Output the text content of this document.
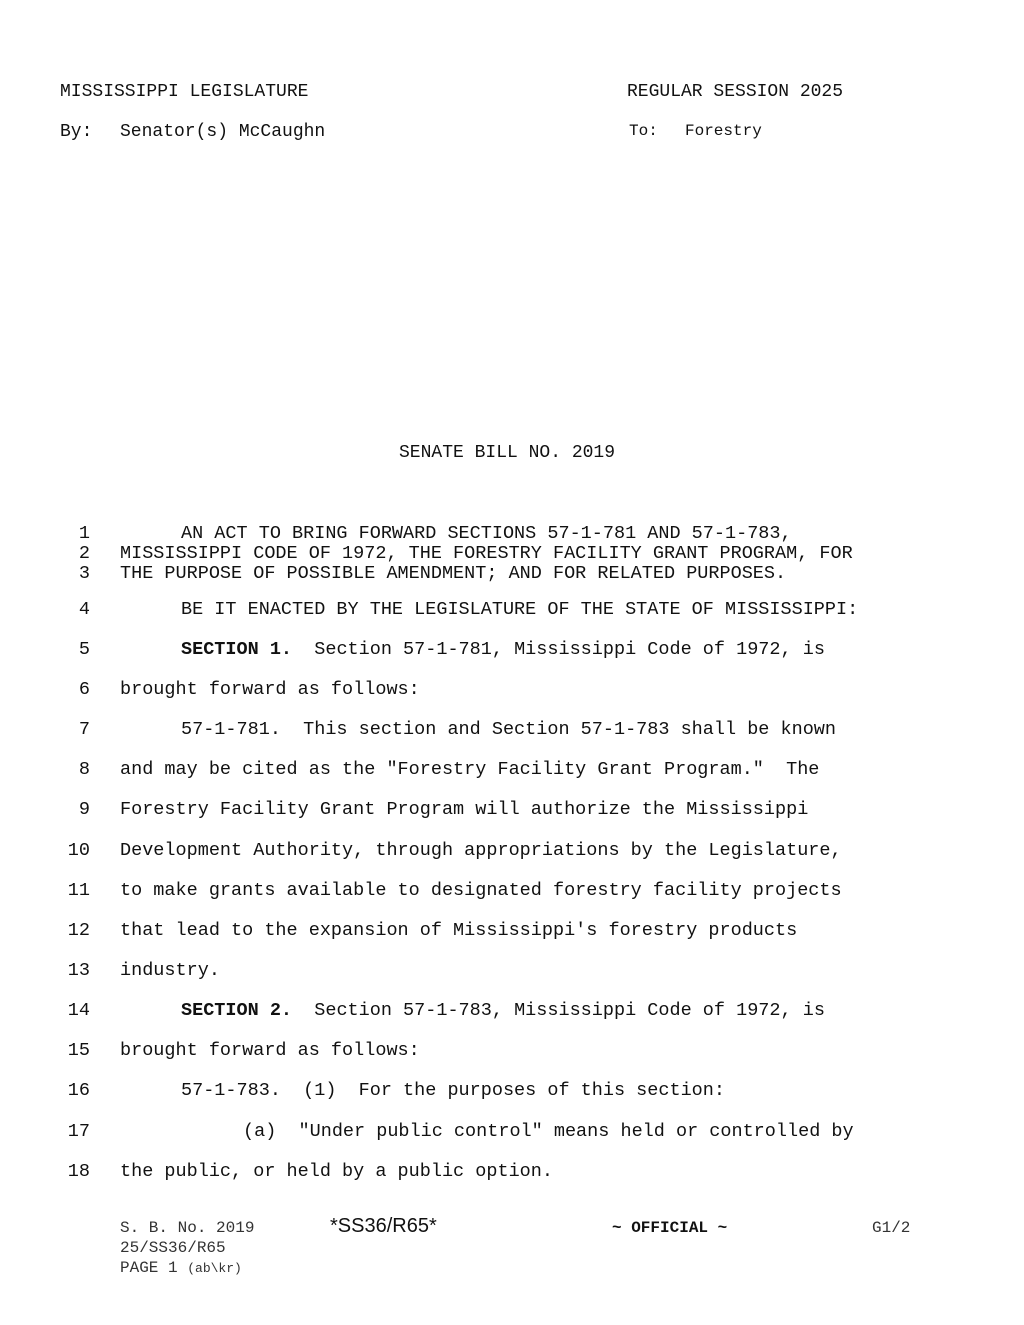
MISSISSIPPI LEGISLATURE	REGULAR SESSION 2025
By: Senator(s) McCaughn	To: Forestry
SENATE BILL NO. 2019
1	AN ACT TO BRING FORWARD SECTIONS 57-1-781 AND 57-1-783,
2 MISSISSIPPI CODE OF 1972, THE FORESTRY FACILITY GRANT PROGRAM, FOR
3 THE PURPOSE OF POSSIBLE AMENDMENT; AND FOR RELATED PURPOSES.
4	BE IT ENACTED BY THE LEGISLATURE OF THE STATE OF MISSISSIPPI:
5	SECTION 1.  Section 57-1-781, Mississippi Code of 1972, is
6 brought forward as follows:
7	57-1-781.  This section and Section 57-1-783 shall be known
8 and may be cited as the "Forestry Facility Grant Program."  The
9 Forestry Facility Grant Program will authorize the Mississippi
10 Development Authority, through appropriations by the Legislature,
11 to make grants available to designated forestry facility projects
12 that lead to the expansion of Mississippi's forestry products
13 industry.
14	SECTION 2.  Section 57-1-783, Mississippi Code of 1972, is
15 brought forward as follows:
16	57-1-783.  (1)  For the purposes of this section:
17	(a)  "Under public control" means held or controlled by
18 the public, or held by a public option.
S. B. No. 2019	*SS36/R65*	~ OFFICIAL ~	G1/2
25/SS36/R65
PAGE 1 (ab\kr)
